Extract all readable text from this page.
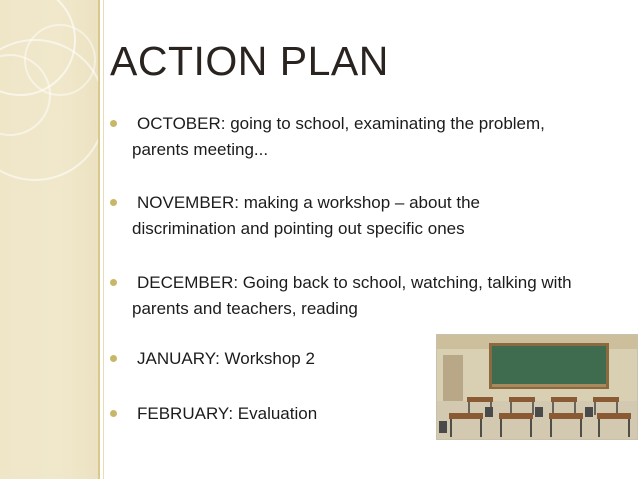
ACTION PLAN
OCTOBER: going to school, examinating the problem, parents meeting...
NOVEMBER: making a workshop – about the discrimination and pointing out specific ones
DECEMBER: Going back to school, watching, talking with parents and teachers, reading
JANUARY: Workshop 2
FEBRUARY: Evaluation
